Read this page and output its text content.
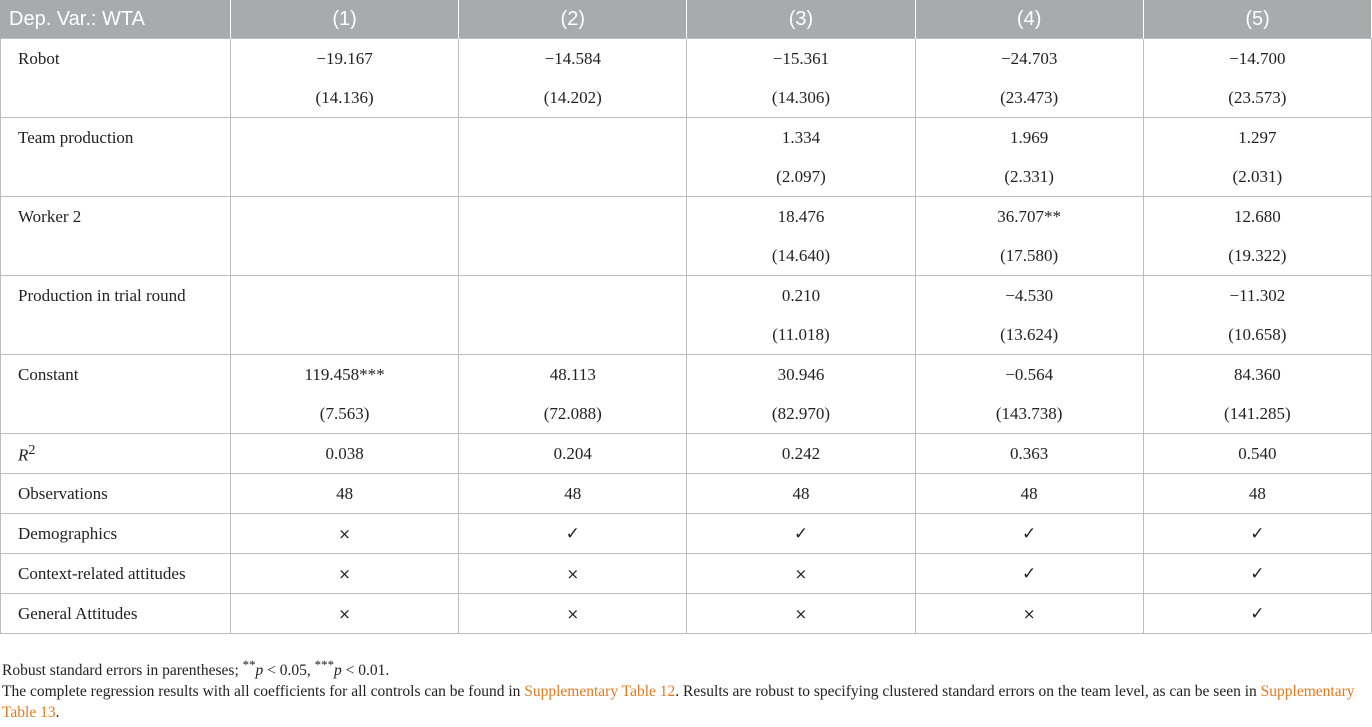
Dep. Var.: WTA	(1)	(2)	(3)	(4)	(5)
Robot	−19.167	−14.584	−15.361	−24.703	−14.700
	(14.136)	(14.202)	(14.306)	(23.473)	(23.573)
Team production			1.334	1.969	1.297
			(2.097)	(2.331)	(2.031)
Worker 2			18.476	36.707**	12.680
			(14.640)	(17.580)	(19.322)
Production in trial round			0.210	−4.530	−11.302
			(11.018)	(13.624)	(10.658)
Constant	119.458***	48.113	30.946	−0.564	84.360
	(7.563)	(72.088)	(82.970)	(143.738)	(141.285)
$R^2$	0.038	0.204	0.242	0.363	0.540
Observations	48	48	48	48	48
Demographics	×	✓	✓	✓	✓
Context-related attitudes	×	×	×	✓	✓
General Attitudes	×	×	×	×	✓

Robust standard errors in parentheses; **p < 0.05, ***p < 0.01.

The complete regression results with all coefficients for all controls can be found in Supplementary Table 12. Results are robust to specifying clustered standard errors on the team level, as can be seen in Supplementary Table 13.
